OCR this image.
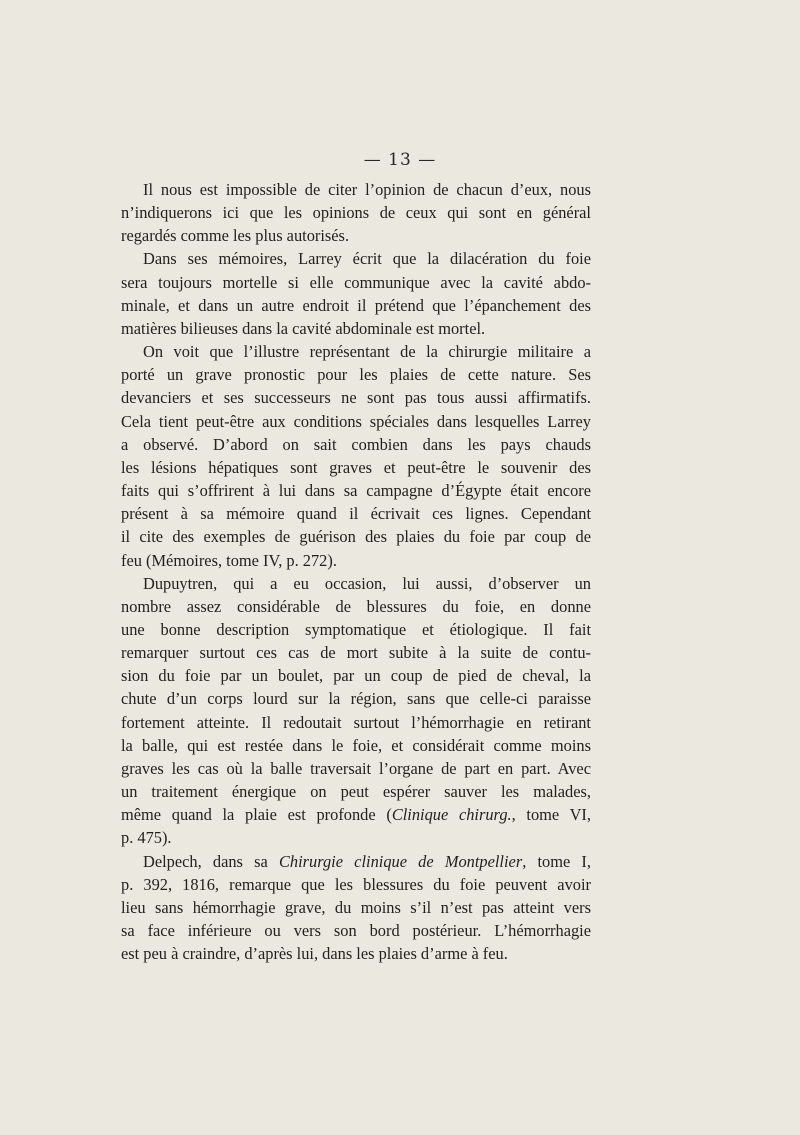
— 13 —
Il nous est impossible de citer l’opinion de chacun d’eux, nous
n’indiquerons ici que les opinions de ceux qui sont en général
regardés comme les plus autorisés.
Dans ses mémoires, Larrey écrit que la dilacération du foie
sera toujours mortelle si elle communique avec la cavité abdo-
minale, et dans un autre endroit il prétend que l’épanchement des
matières bilieuses dans la cavité abdominale est mortel.
On voit que l’illustre représentant de la chirurgie militaire a
porté un grave pronostic pour les plaies de cette nature. Ses
devanciers et ses successeurs ne sont pas tous aussi affirmatifs.
Cela tient peut-être aux conditions spéciales dans lesquelles Larrey
a observé. D’abord on sait combien dans les pays chauds
les lésions hépatiques sont graves et peut-être le souvenir des
faits qui s’offrirent à lui dans sa campagne d’Égypte était encore
présent à sa mémoire quand il écrivait ces lignes. Cependant
il cite des exemples de guérison des plaies du foie par coup de
feu (Mémoires, tome IV, p. 272).
Dupuytren, qui a eu occasion, lui aussi, d’observer un
nombre assez considérable de blessures du foie, en donne
une bonne description symptomatique et étiologique. Il fait
remarquer surtout ces cas de mort subite à la suite de contu-
sion du foie par un boulet, par un coup de pied de cheval, la
chute d’un corps lourd sur la région, sans que celle-ci paraisse
fortement atteinte. Il redoutait surtout l’hémorrhagie en retirant
la balle, qui est restée dans le foie, et considérait comme moins
graves les cas où la balle traversait l’organe de part en part. Avec
un traitement énergique on peut espérer sauver les malades,
même quand la plaie est profonde (Clinique chirurg., tome VI,
p. 475).
Delpech, dans sa Chirurgie clinique de Montpellier, tome I,
p. 392, 1816, remarque que les blessures du foie peuvent avoir
lieu sans hémorrhagie grave, du moins s’il n’est pas atteint vers
sa face inférieure ou vers son bord postérieur. L’hémorrhagie
est peu à craindre, d’après lui, dans les plaies d’arme à feu.
